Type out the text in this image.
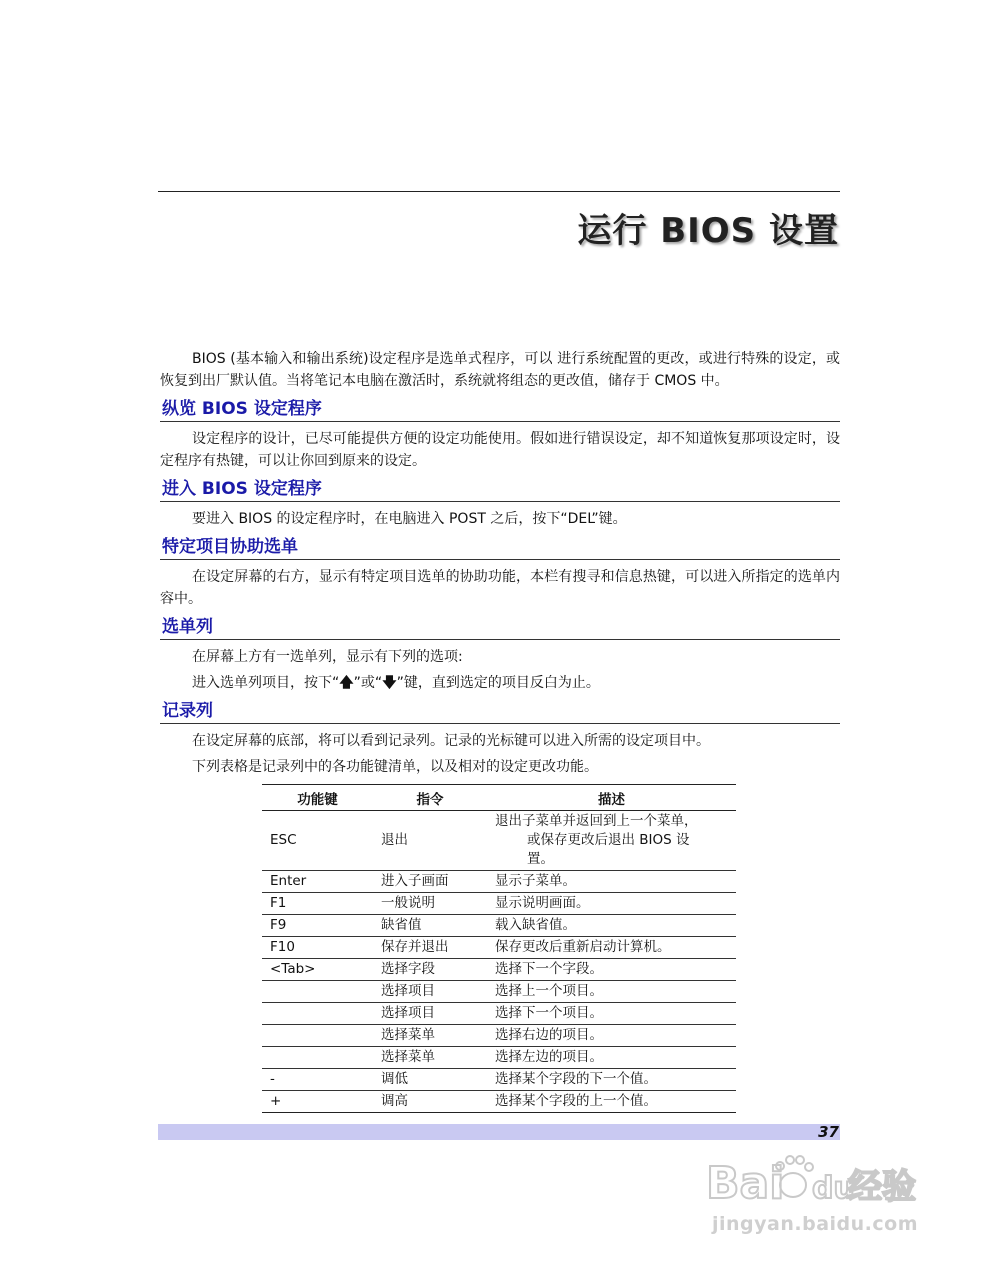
运行 BIOS 设置

BIOS (基本输入和输出系统)设定程序是选单式程序，可以 进行系统配置的更改，或进行特殊的设定，或恢复到出厂默认值。当将笔记本电脑在激活时，系统就将组态的更改值，储存于 CMOS 中。

纵览 BIOS 设定程序

设定程序的设计，已尽可能提供方便的设定功能使用。假如进行错误设定，却不知道恢复那项设定时，设定程序有热键，可以让你回到原来的设定。

进入 BIOS 设定程序

要进入 BIOS 的设定程序时，在电脑进入 POST 之后，按下“DEL”键。

特定项目协助选单

在设定屏幕的右方，显示有特定项目选单的协助功能，本栏有搜寻和信息热键，可以进入所指定的选单内容中。

选单列

在屏幕上方有一选单列，显示有下列的选项:

进入选单列项目，按下“🡅”或“🡇”键，直到选定的项目反白为止。

记录列

在设定屏幕的底部，将可以看到记录列。记录的光标键可以进入所需的设定项目中。

下列表格是记录列中的各功能键清单，以及相对的设定更改功能。

功能键	指令	描述
ESC	退出	退出子菜单并返回到上一个菜单，
或保存更改后退出 BIOS 设
置。

Enter	进入子画面	显示子菜单。
F1	一般说明	显示说明画面。
F9	缺省值	载入缺省值。
F10	保存并退出	保存更改后重新启动计算机。
<Tab>	选择字段	选择下一个字段。
	选择项目	选择上一个项目。
	选择项目	选择下一个项目。
	选择菜单	选择右边的项目。
	选择菜单	选择左边的项目。
-	调低	选择某个字段的下一个值。
+	调高	选择某个字段的上一个值。
37
Bai du
经验
jingyan.baidu.com
